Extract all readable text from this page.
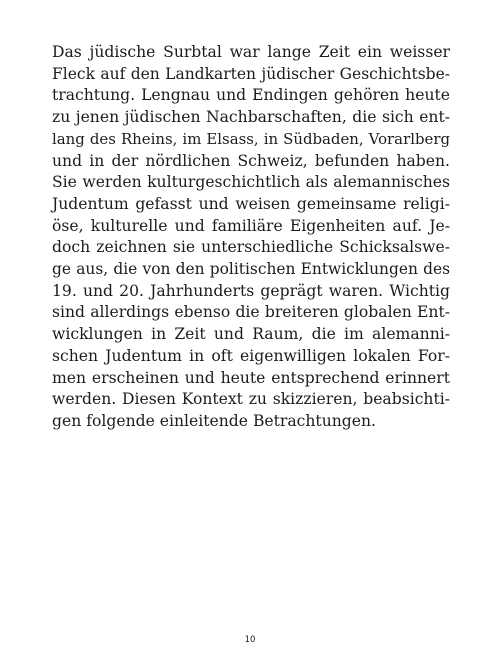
Das jüdische Surbtal war lange Zeit ein weisser
Fleck auf den Landkarten jüdischer Geschichtsbe-
trachtung. Lengnau und Endingen gehören heute
zu jenen jüdischen Nachbarschaften, die sich ent-
lang des Rheins, im Elsass, in Südbaden, Vorarlberg
und in der nördlichen Schweiz, befunden haben.
Sie werden kulturgeschichtlich als alemannisches
Judentum gefasst und weisen gemeinsame religi-
öse, kulturelle und familiäre Eigenheiten auf. Je-
doch zeichnen sie unterschiedliche Schicksalswe-
ge aus, die von den politischen Entwicklungen des
19. und 20. Jahrhunderts geprägt waren. Wichtig
sind allerdings ebenso die breiteren globalen Ent-
wicklungen in Zeit und Raum, die im alemanni-
schen Judentum in oft eigenwilligen lokalen For-
men erscheinen und heute entsprechend erinnert
werden. Diesen Kontext zu skizzieren, beabsichti-
gen folgende einleitende Betrachtungen.

10
